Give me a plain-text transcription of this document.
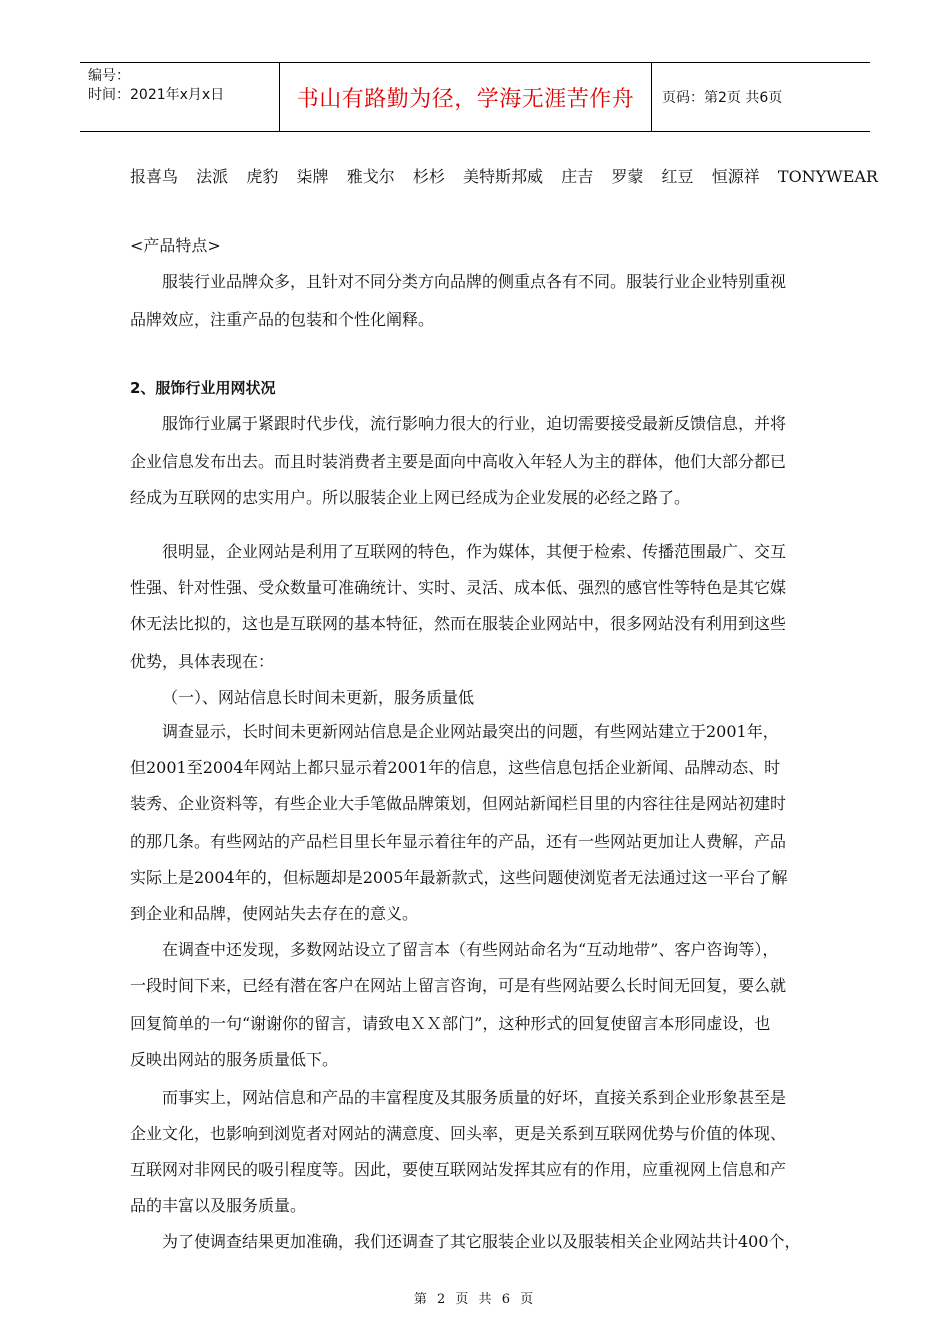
编号：
时间：2021年x月x日	书山有路勤为径，学海无涯苦作舟	页码：第2页 共6页
报喜鸟  法派  虎豹  柒牌  雅戈尔  杉杉  美特斯邦威  庄吉  罗蒙  红豆  恒源祥  TONYWEAR
<产品特点>
服装行业品牌众多，且针对不同分类方向品牌的侧重点各有不同。服装行业企业特别重视
品牌效应，注重产品的包装和个性化阐释。
2、服饰行业用网状况
服饰行业属于紧跟时代步伐，流行影响力很大的行业，迫切需要接受最新反馈信息，并将
企业信息发布出去。而且时装消费者主要是面向中高收入年轻人为主的群体，他们大部分都已
经成为互联网的忠实用户。所以服装企业上网已经成为企业发展的必经之路了。
很明显，企业网站是利用了互联网的特色，作为媒体，其便于检索、传播范围最广、交互
性强、针对性强、受众数量可准确统计、实时、灵活、成本低、强烈的感官性等特色是其它媒
休无法比拟的，这也是互联网的基本特征，然而在服装企业网站中，很多网站没有利用到这些
优势，具体表现在：
（一）、网站信息长时间未更新，服务质量低
调查显示，长时间未更新网站信息是企业网站最突出的问题，有些网站建立于2001年，
但2001至2004年网站上都只显示着2001年的信息，这些信息包括企业新闻、品牌动态、时
装秀、企业资料等，有些企业大手笔做品牌策划，但网站新闻栏目里的内容往往是网站初建时
的那几条。有些网站的产品栏目里长年显示着往年的产品，还有一些网站更加让人费解，产品
实际上是2004年的，但标题却是2005年最新款式，这些问题使浏览者无法通过这一平台了解
到企业和品牌，使网站失去存在的意义。
在调查中还发现，多数网站设立了留言本（有些网站命名为“互动地带”、客户咨询等），
一段时间下来，已经有潜在客户在网站上留言咨询，可是有些网站要么长时间无回复，要么就
回复简单的一句“谢谢你的留言，请致电ＸＸ部门”，这种形式的回复使留言本形同虚设，也
反映出网站的服务质量低下。
而事实上，网站信息和产品的丰富程度及其服务质量的好坏，直接关系到企业形象甚至是
企业文化，也影响到浏览者对网站的满意度、回头率，更是关系到互联网优势与价值的体现、
互联网对非网民的吸引程度等。因此，要使互联网站发挥其应有的作用，应重视网上信息和产
品的丰富以及服务质量。
为了使调查结果更加准确，我们还调查了其它服装企业以及服装相关企业网站共计400个，
第 2 页 共 6 页
